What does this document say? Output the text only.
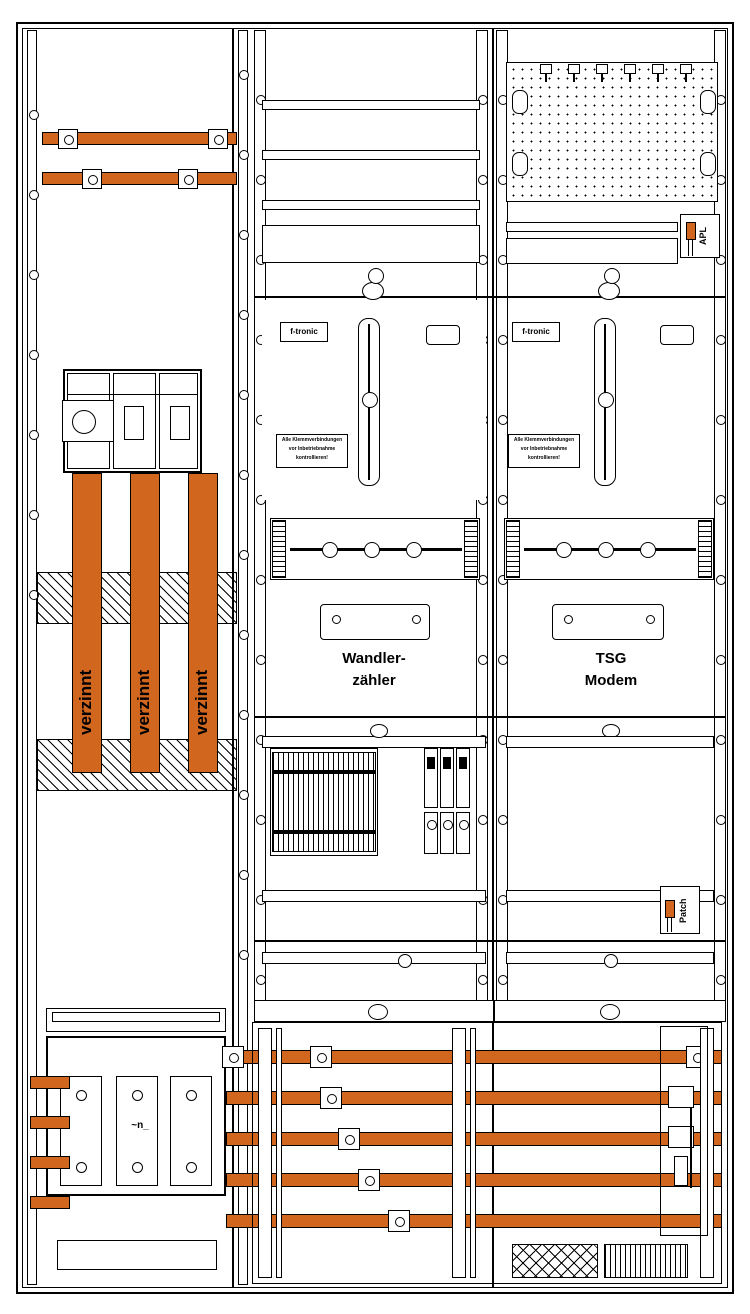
verzinnt verzinnt verzinnt
~n_
f-tronic
Alle Klemmverbindungen
vor Inbetriebnahme
kontrollieren!
Wandler-
zähler
APL
f-tronic
Alle Klemmverbindungen
vor Inbetriebnahme
kontrollieren!
TSG
Modem
Patch
